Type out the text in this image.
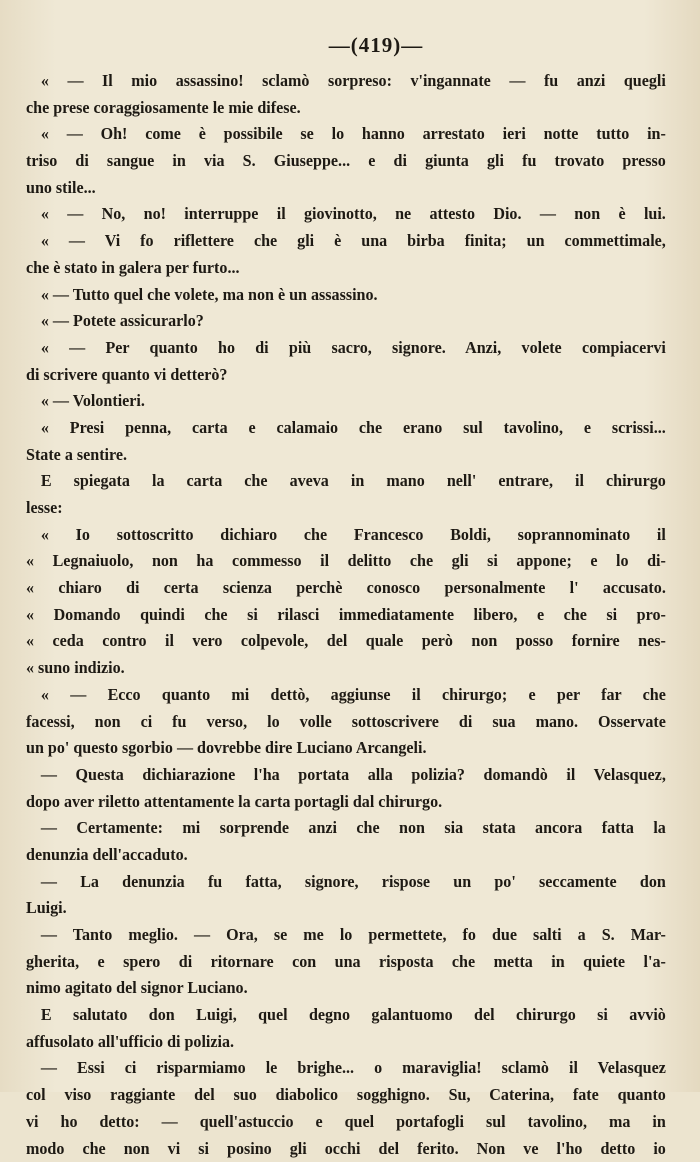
—(419)—
« — Il mio assassino! sclamò sorpreso: v'ingannate — fu anzi quegli
che prese coraggiosamente le mie difese.
« — Oh! come è possibile se lo hanno arrestato ieri notte tutto in-
triso di sangue in via S. Giuseppe... e di giunta gli fu trovato presso
uno stile...
« — No, no! interruppe il giovinotto, ne attesto Dio. — non è lui.
« — Vi fo riflettere che gli è una birba finita; un commettimale,
che è stato in galera per furto...
« — Tutto quel che volete, ma non è un assassino.
« — Potete assicurarlo?
« — Per quanto ho di più sacro, signore. Anzi, volete compiacervi
di scrivere quanto vi detterò?
« — Volontieri.
« Presi penna, carta e calamaio che erano sul tavolino, e scrissi...
State a sentire.
E spiegata la carta che aveva in mano nell' entrare, il chirurgo
lesse:
« Io sottoscritto dichiaro che Francesco Boldi, soprannominato il
« Legnaiuolo, non ha commesso il delitto che gli si appone; e lo di-
« chiaro di certa scienza perchè conosco personalmente l' accusato.
« Domando quindi che si rilasci immediatamente libero, e che si pro-
« ceda contro il vero colpevole, del quale però non posso fornire nes-
« suno indizio.
« — Ecco quanto mi dettò, aggiunse il chirurgo; e per far che
facessi, non ci fu verso, lo volle sottoscrivere di sua mano. Osservate
un po' questo sgorbio — dovrebbe dire Luciano Arcangeli.
— Questa dichiarazione l'ha portata alla polizia? domandò il Velasquez,
dopo aver riletto attentamente la carta portagli dal chirurgo.
— Certamente: mi sorprende anzi che non sia stata ancora fatta la
denunzia dell'accaduto.
— La denunzia fu fatta, signore, rispose un po' seccamente don
Luigi.
— Tanto meglio. — Ora, se me lo permettete, fo due salti a S. Mar-
gherita, e spero di ritornare con una risposta che metta in quiete l'a-
nimo agitato del signor Luciano.
E salutato don Luigi, quel degno galantuomo del chirurgo si avviò
affusolato all'ufficio di polizia.
— Essi ci risparmiamo le brighe... o maraviglia! sclamò il Velasquez
col viso raggiante del suo diabolico sogghigno. Su, Caterina, fate quanto
vi ho detto: — quell'astuccio e quel portafogli sul tavolino, ma in
modo che non vi si posino gli occhi del ferito. Non ve l'ho detto io
